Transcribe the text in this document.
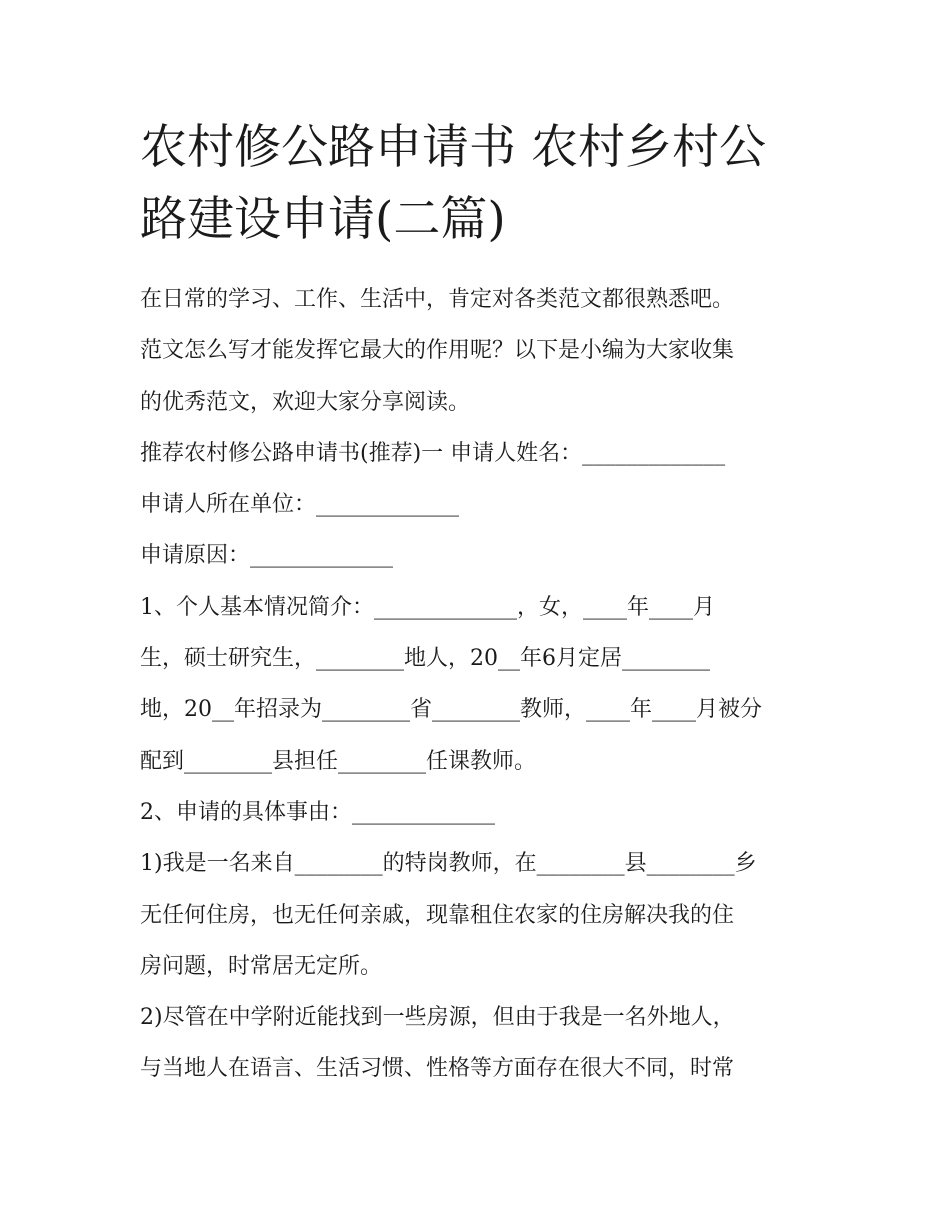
农村修公路申请书 农村乡村公
路建设申请(二篇)
在日常的学习、工作、生活中，肯定对各类范文都很熟悉吧。
范文怎么写才能发挥它最大的作用呢？以下是小编为大家收集
的优秀范文，欢迎大家分享阅读。
推荐农村修公路申请书(推荐)一 申请人姓名：_____________
申请人所在单位：_____________
申请原因：_____________
1、个人基本情况简介：_____________，女，____年____月
生，硕士研究生，________地人，20__年6月定居________
地，20__年招录为________省________教师，____年____月被分
配到________县担任________任课教师。
2、申请的具体事由：_____________
1)我是一名来自________的特岗教师，在________县________乡
无任何住房，也无任何亲戚，现靠租住农家的住房解决我的住
房问题，时常居无定所。
2)尽管在中学附近能找到一些房源，但由于我是一名外地人，
与当地人在语言、生活习惯、性格等方面存在很大不同，时常
